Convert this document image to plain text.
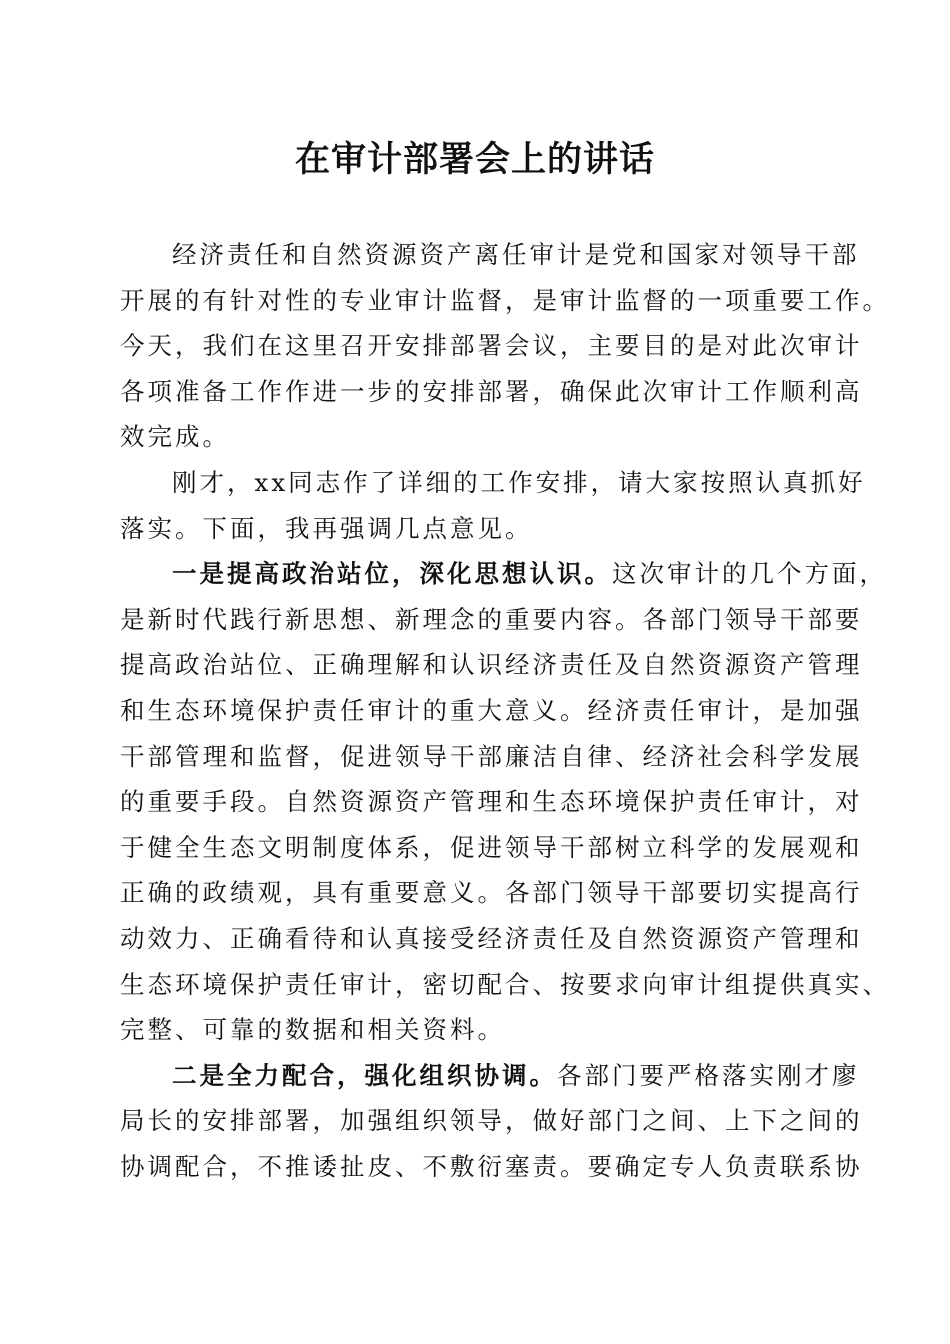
在审计部署会上的讲话
经济责任和自然资源资产离任审计是党和国家对领导干部
开展的有针对性的专业审计监督，是审计监督的一项重要工作。
今天，我们在这里召开安排部署会议，主要目的是对此次审计
各项准备工作作进一步的安排部署，确保此次审计工作顺利高
效完成。
刚才，xx同志作了详细的工作安排，请大家按照认真抓好
落实。下面，我再强调几点意见。
一是提高政治站位，深化思想认识。这次审计的几个方面，
是新时代践行新思想、新理念的重要内容。各部门领导干部要
提高政治站位、正确理解和认识经济责任及自然资源资产管理
和生态环境保护责任审计的重大意义。经济责任审计，是加强
干部管理和监督，促进领导干部廉洁自律、经济社会科学发展
的重要手段。自然资源资产管理和生态环境保护责任审计，对
于健全生态文明制度体系，促进领导干部树立科学的发展观和
正确的政绩观，具有重要意义。各部门领导干部要切实提高行
动效力、正确看待和认真接受经济责任及自然资源资产管理和
生态环境保护责任审计，密切配合、按要求向审计组提供真实、
完整、可靠的数据和相关资料。
二是全力配合，强化组织协调。各部门要严格落实刚才廖
局长的安排部署，加强组织领导，做好部门之间、上下之间的
协调配合，不推诿扯皮、不敷衍塞责。要确定专人负责联系协
